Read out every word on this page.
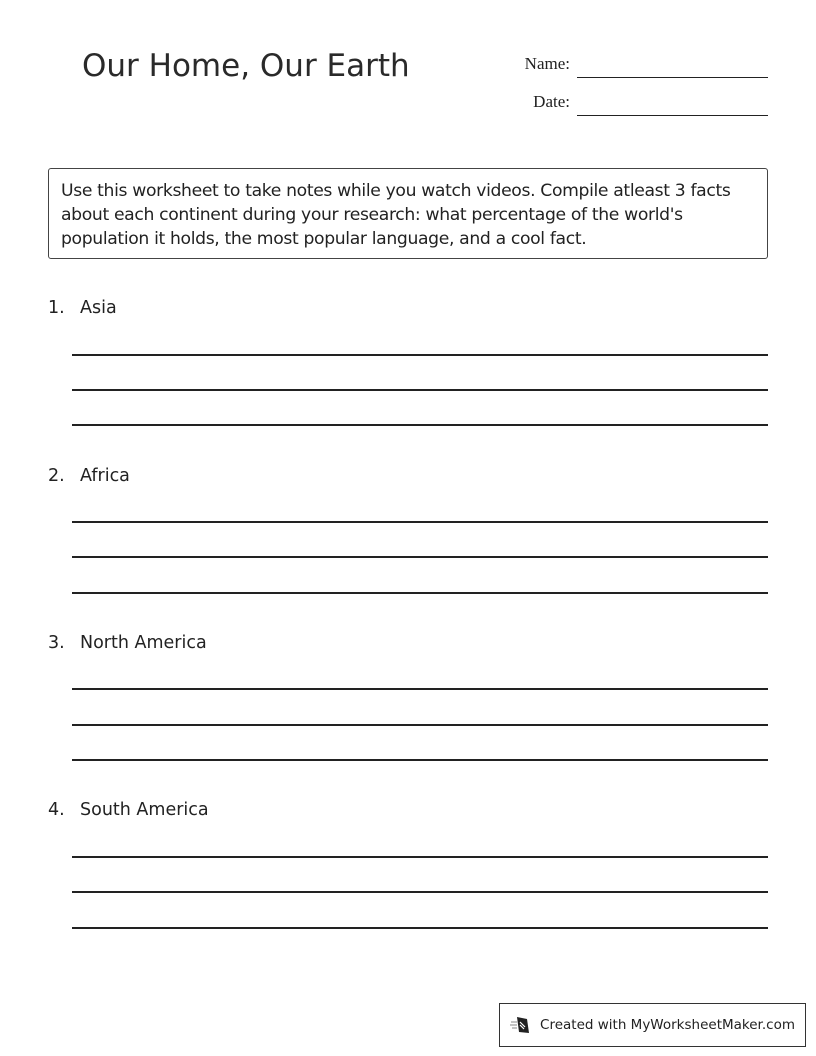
Our Home, Our Earth	Name:
Date:
Use this worksheet to take notes while you watch videos. Compile atleast 3 facts about each continent during your research: what percentage of the world's population it holds, the most popular language, and a cool fact.
1. Asia
2. Africa
3. North America
4. South America
Created with MyWorksheetMaker.com
